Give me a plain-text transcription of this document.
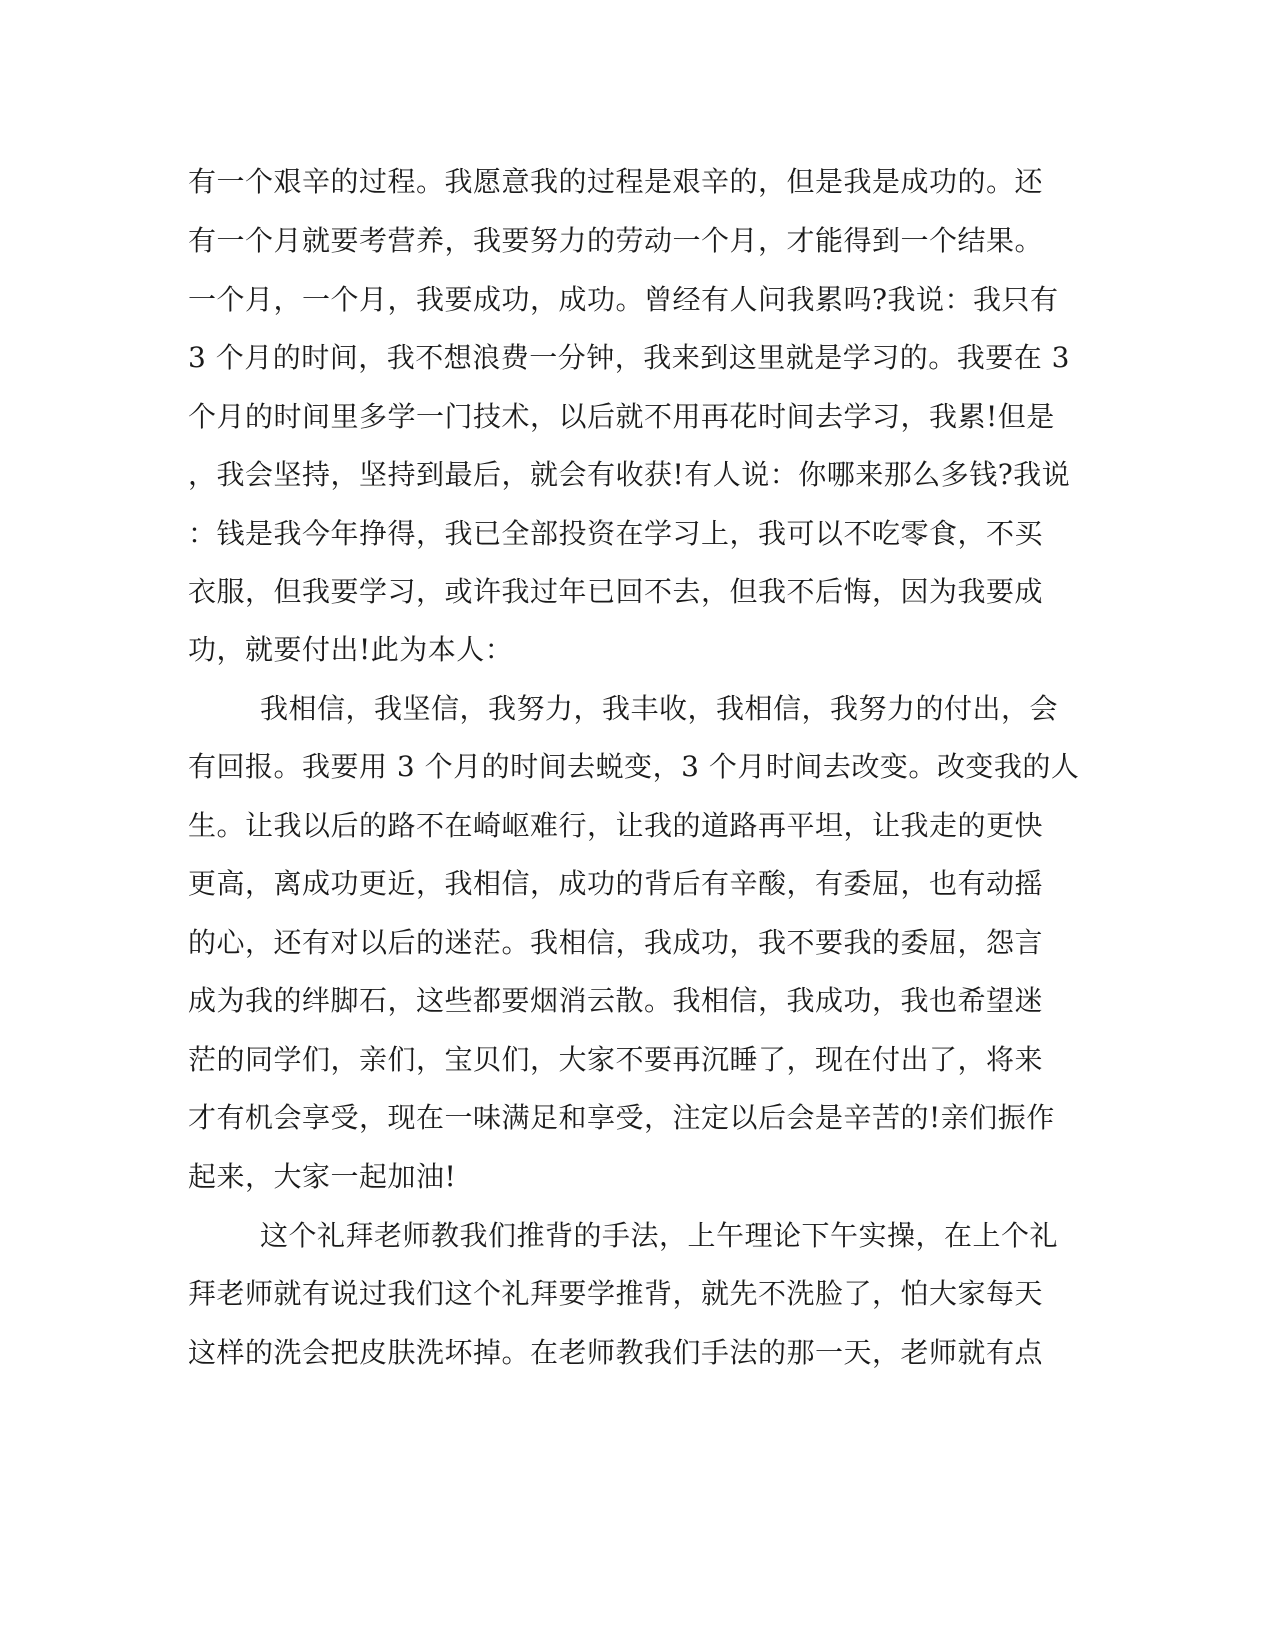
有一个艰辛的过程。我愿意我的过程是艰辛的，但是我是成功的。还
有一个月就要考营养，我要努力的劳动一个月，才能得到一个结果。
一个月，一个月，我要成功，成功。曾经有人问我累吗?我说：我只有
3 个月的时间，我不想浪费一分钟，我来到这里就是学习的。我要在 3
个月的时间里多学一门技术，以后就不用再花时间去学习，我累!但是
，我会坚持，坚持到最后，就会有收获!有人说：你哪来那么多钱?我说
：钱是我今年挣得，我已全部投资在学习上，我可以不吃零食，不买
衣服，但我要学习，或许我过年已回不去，但我不后悔，因为我要成
功，就要付出!此为本人：
我相信，我坚信，我努力，我丰收，我相信，我努力的付出，会
有回报。我要用 3 个月的时间去蜕变，3 个月时间去改变。改变我的人
生。让我以后的路不在崎岖难行，让我的道路再平坦，让我走的更快
更高，离成功更近，我相信，成功的背后有辛酸，有委屈，也有动摇
的心，还有对以后的迷茫。我相信，我成功，我不要我的委屈，怨言
成为我的绊脚石，这些都要烟消云散。我相信，我成功，我也希望迷
茫的同学们，亲们，宝贝们，大家不要再沉睡了，现在付出了，将来
才有机会享受，现在一味满足和享受，注定以后会是辛苦的!亲们振作
起来，大家一起加油!
这个礼拜老师教我们推背的手法，上午理论下午实操，在上个礼
拜老师就有说过我们这个礼拜要学推背，就先不洗脸了，怕大家每天
这样的洗会把皮肤洗坏掉。在老师教我们手法的那一天，老师就有点
